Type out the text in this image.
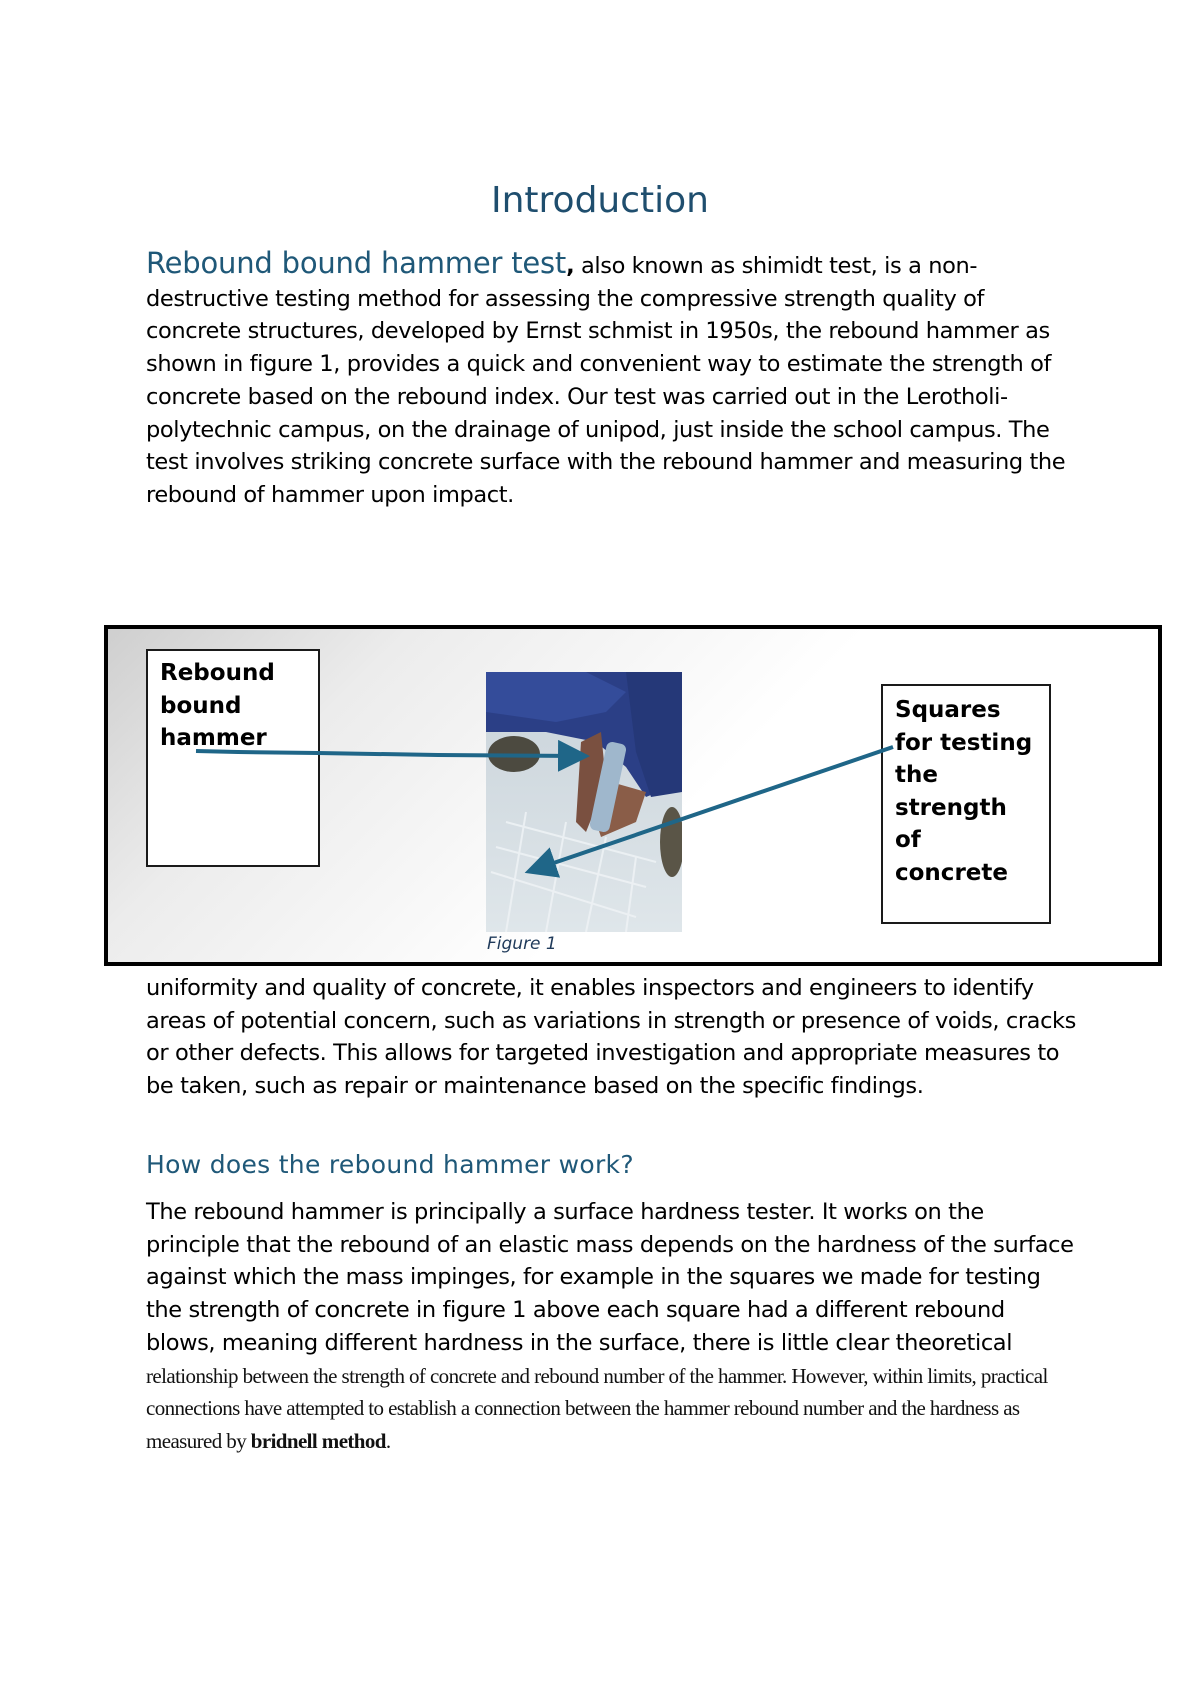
Introduction

Rebound bound hammer test, also known as shimidt test, is a non-destructive testing method for assessing the compressive strength quality of concrete structures, developed by Ernst schmist in 1950s, the rebound hammer as shown in figure 1, provides a quick and convenient way to estimate the strength of concrete based on the rebound index. Our test was carried out in the Lerotholi-polytechnic campus, on the drainage of unipod, just inside the school campus. The test involves striking concrete surface with the rebound hammer and measuring the rebound of hammer upon impact.

Rebound bound hammer
Figure 1
Squares for testing the strength of concrete

uniformity and quality of concrete, it enables inspectors and engineers to identify areas of potential concern, such as variations in strength or presence of voids, cracks or other defects. This allows for targeted investigation and appropriate measures to be taken, such as repair or maintenance based on the specific findings.

How does the rebound hammer work?

The rebound hammer is principally a surface hardness tester. It works on the principle that the rebound of an elastic mass depends on the hardness of the surface against which the mass impinges, for example in the squares we made for testing the strength of concrete in figure 1 above each square had a different rebound blows, meaning different hardness in the surface, there is little clear theoretical relationship between the strength of concrete and rebound number of the hammer. However, within limits, practical connections have attempted to establish a connection between the hammer rebound number and the hardness as measured by bridnell method.
